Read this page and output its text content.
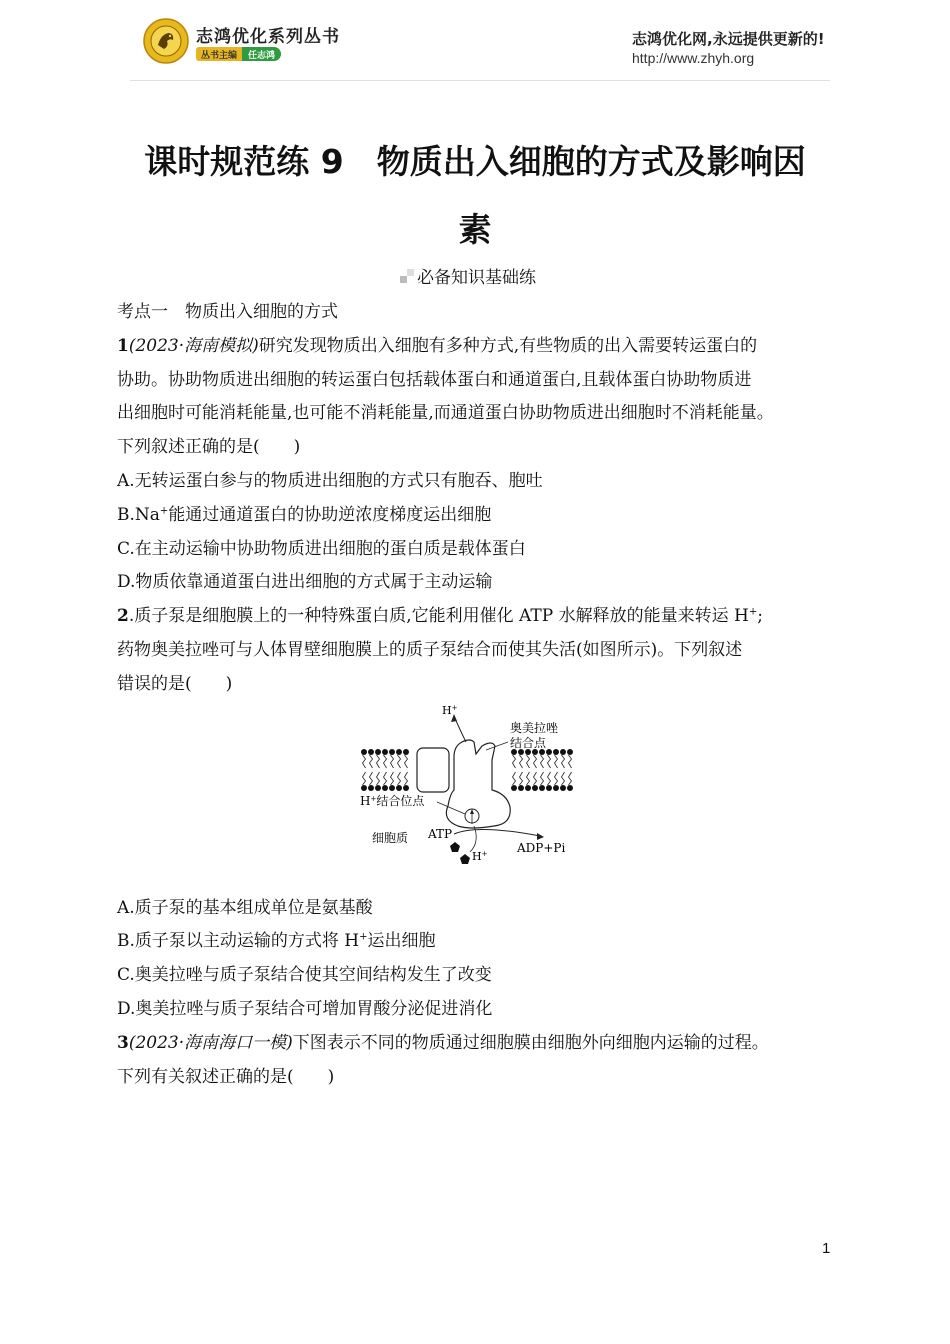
志鸿优化系列丛书
丛书主编	任志鸿
志鸿优化网,永远提供更新的!
http://www.zhyh.org
课时规范练 9　物质出入细胞的方式及影响因
素
必备知识基础练
考点一　物质出入细胞的方式
1(2023·海南模拟)研究发现物质出入细胞有多种方式,有些物质的出入需要转运蛋白的
协助。协助物质进出细胞的转运蛋白包括载体蛋白和通道蛋白,且载体蛋白协助物质进
出细胞时可能消耗能量,也可能不消耗能量,而通道蛋白协助物质进出细胞时不消耗能量。
下列叙述正确的是(　　)
A.无转运蛋白参与的物质进出细胞的方式只有胞吞、胞吐
B.Na+能通过通道蛋白的协助逆浓度梯度运出细胞
C.在主动运输中协助物质进出细胞的蛋白质是载体蛋白
D.物质依靠通道蛋白进出细胞的方式属于主动运输
2.质子泵是细胞膜上的一种特殊蛋白质,它能利用催化 ATP 水解释放的能量来转运 H+;
药物奥美拉唑可与人体胃壁细胞膜上的质子泵结合而使其失活(如图所示)。下列叙述
错误的是(　　)
H+
奥美拉唑
结合点
H+结合位点
细胞质 ATP
ADP+Pi
H+
A.质子泵的基本组成单位是氨基酸
B.质子泵以主动运输的方式将 H+运出细胞
C.奥美拉唑与质子泵结合使其空间结构发生了改变
D.奥美拉唑与质子泵结合可增加胃酸分泌促进消化
3(2023·海南海口一模)下图表示不同的物质通过细胞膜由细胞外向细胞内运输的过程。
下列有关叙述正确的是(　　)
1
